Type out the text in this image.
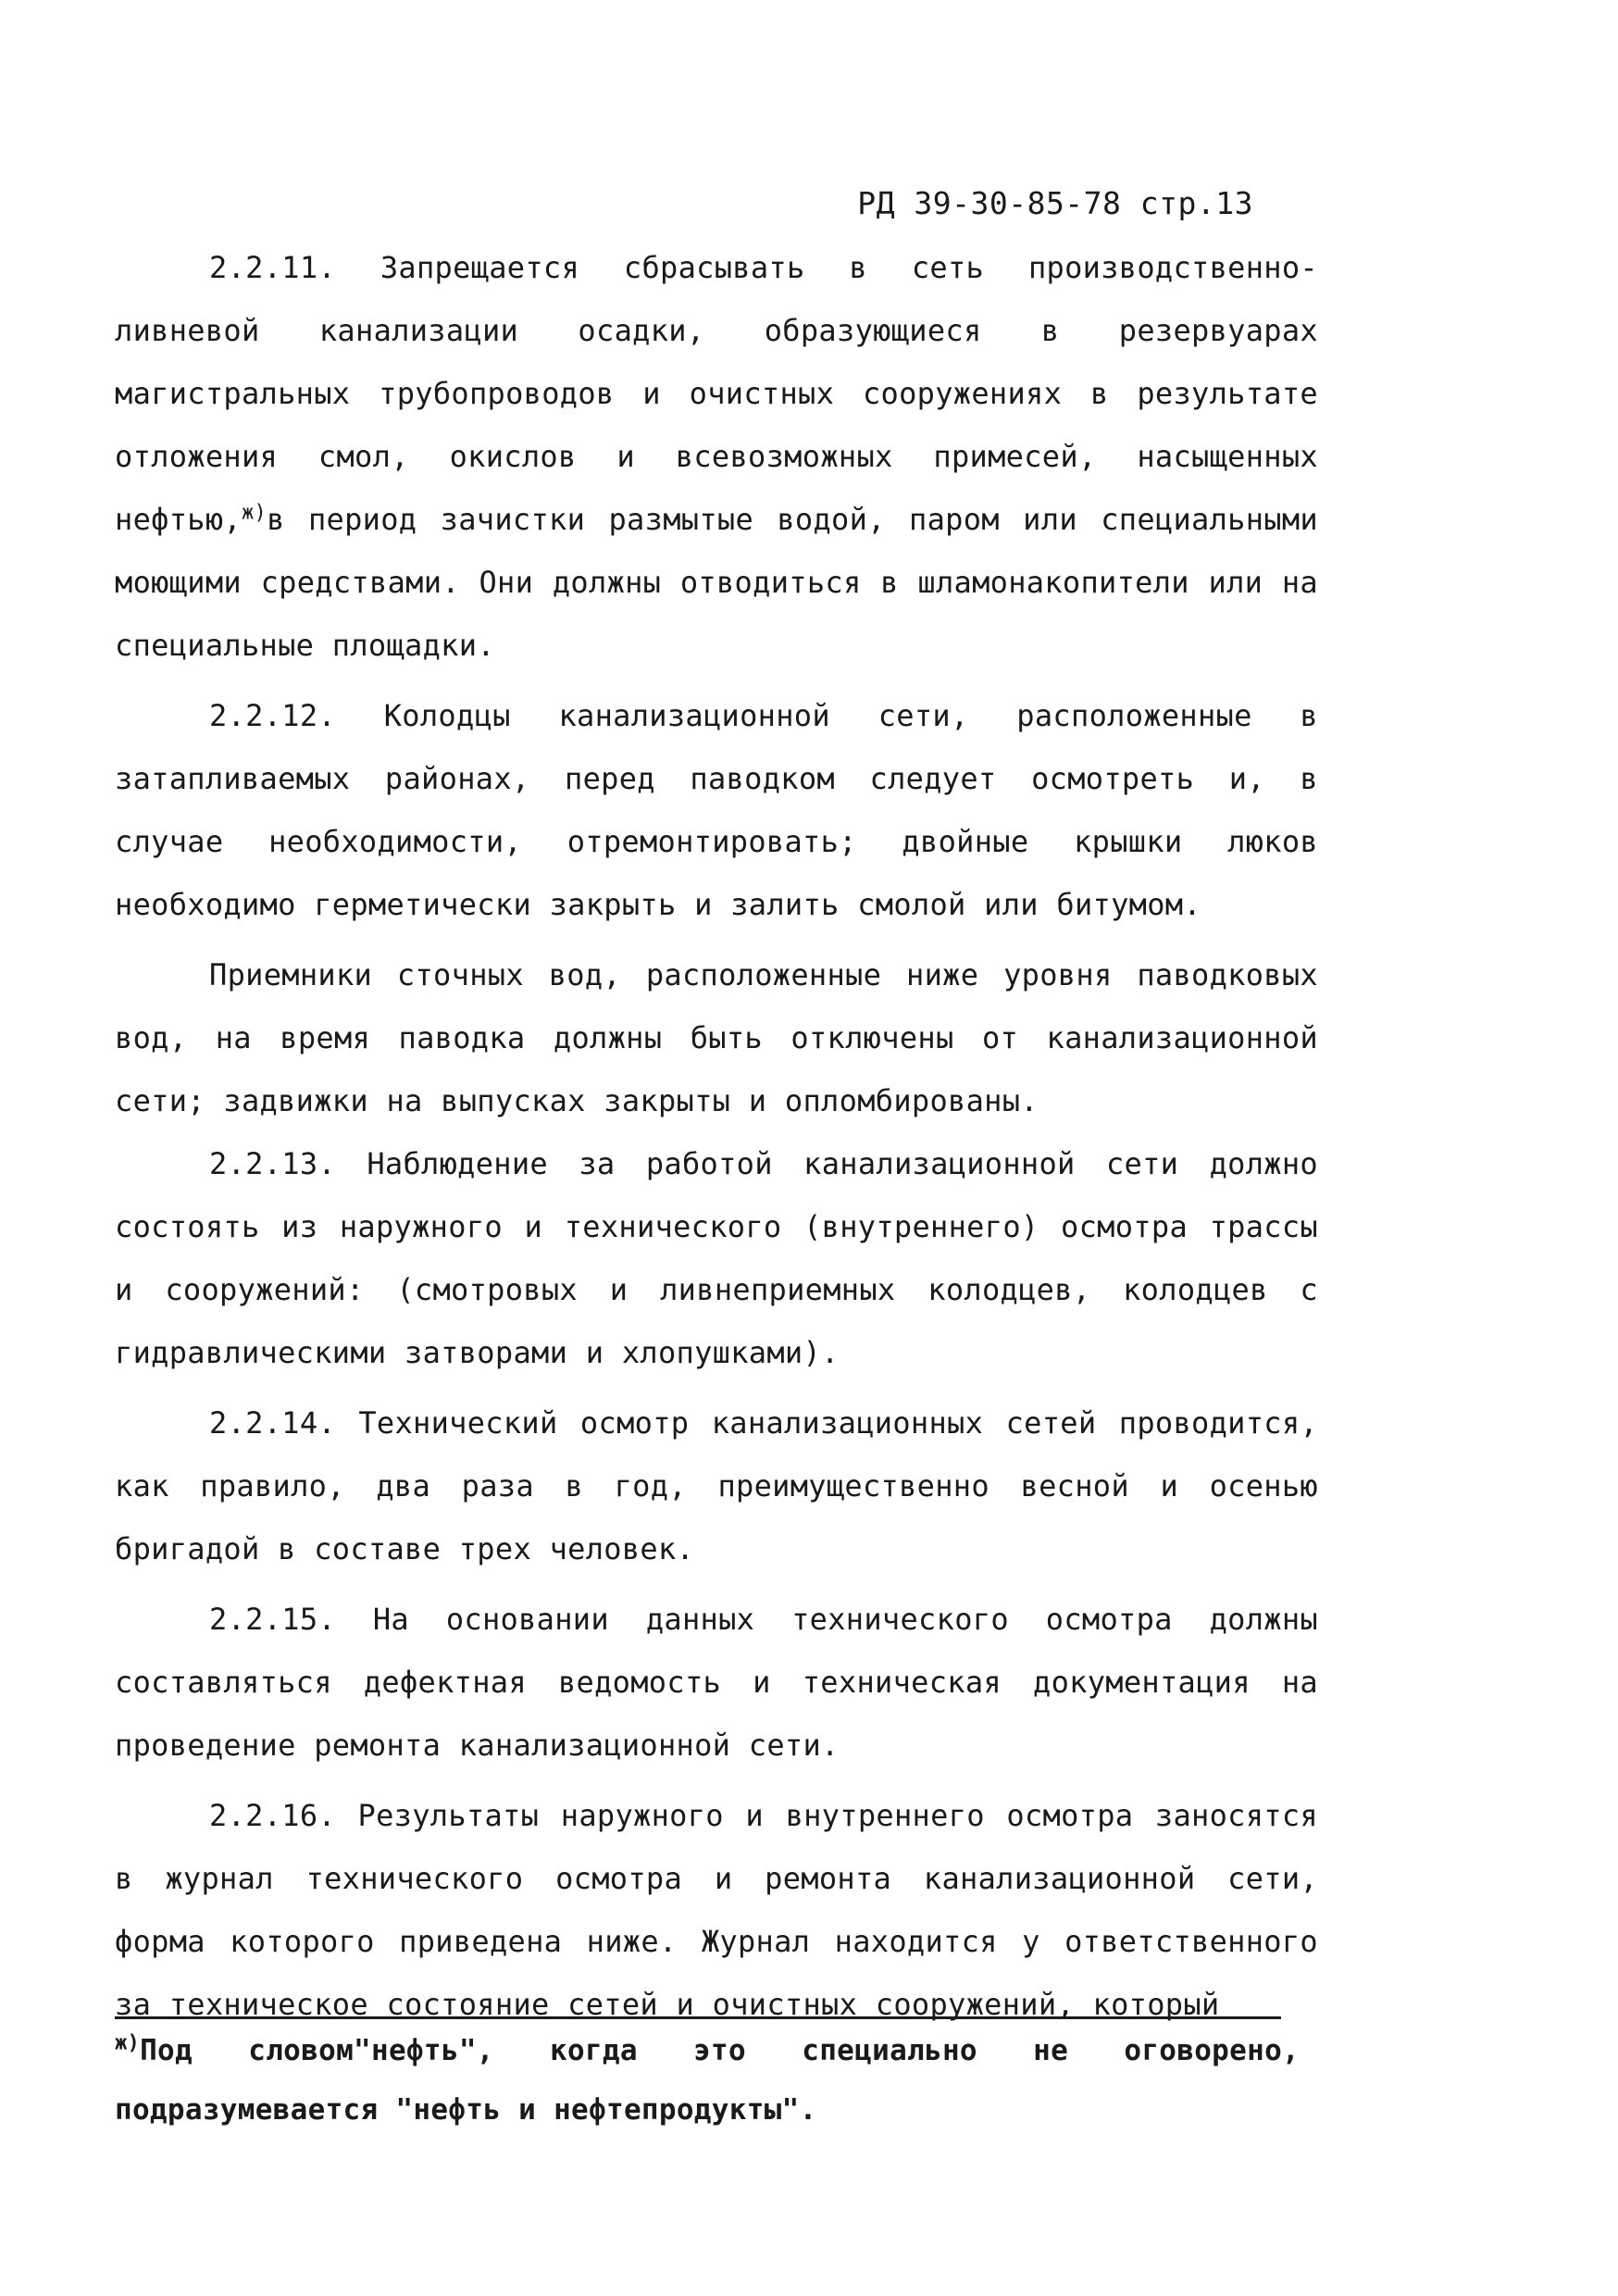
РД 39-30-85-78 стр.13

2.2.11. Запрещается сбрасывать в сеть производственно-ливневой канализации осадки, образующиеся в резервуарах магистральных трубопроводов и очистных сооружениях в результате отложения смол, окислов и всевозможных примесей, насыщенных нефтью,$^{ж)}$в период зачистки размытые водой, паром или специальными моющими средствами. Они должны отводиться в шламонакопители или на специальные площадки.

2.2.12. Колодцы канализационной сети, расположенные в затапливаемых районах, перед паводком следует осмотреть и, в случае необходимости, отремонтировать; двойные крышки люков необходимо герметически закрыть и залить смолой или битумом.

Приемники сточных вод, расположенные ниже уровня паводковых вод, на время паводка должны быть отключены от канализационной сети; задвижки на выпусках закрыты и опломбированы.

2.2.13. Наблюдение за работой канализационной сети должно состоять из наружного и технического (внутреннего) осмотра трассы и сооружений: (смотровых и ливнеприемных колодцев, колодцев с гидравлическими затворами и хлопушками).

2.2.14. Технический осмотр канализационных сетей проводится, как правило, два раза в год, преимущественно весной и осенью бригадой в составе трех человек.

2.2.15. На основании данных технического осмотра должны составляться дефектная ведомость и техническая документация на проведение ремонта канализационной сети.

2.2.16. Результаты наружного и внутреннего осмотра заносятся в журнал технического осмотра и ремонта канализационной сети, форма которого приведена ниже. Журнал находится у ответственного за техническое состояние сетей и очистных сооружений, который

$^{ж)}$Под словом"нефть", когда это специально не оговорено, подразумевается "нефть и нефтепродукты".
